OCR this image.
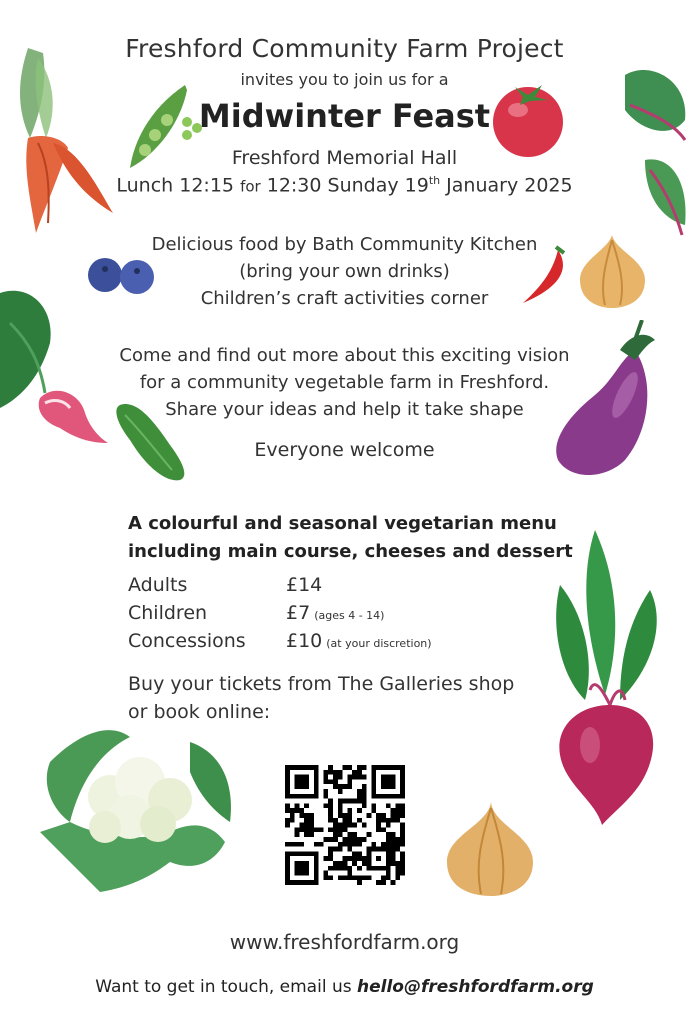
Freshford Community Farm Project
invites you to join us for a
Midwinter Feast
Freshford Memorial Hall
Lunch 12:15 for 12:30 Sunday 19th January 2025
Delicious food by Bath Community Kitchen
(bring your own drinks)
Children’s craft activities corner
Come and find out more about this exciting vision
for a community vegetable farm in Freshford.
Share your ideas and help it take shape
Everyone welcome
A colourful and seasonal vegetarian menu
including main course, cheeses and dessert
Adults	£14
Children	£7 (ages 4 - 14)
Concessions £10 (at your discretion)
Buy your tickets from The Galleries shop
or book online:
www.freshfordfarm.org
Want to get in touch, email us hello@freshfordfarm.org
